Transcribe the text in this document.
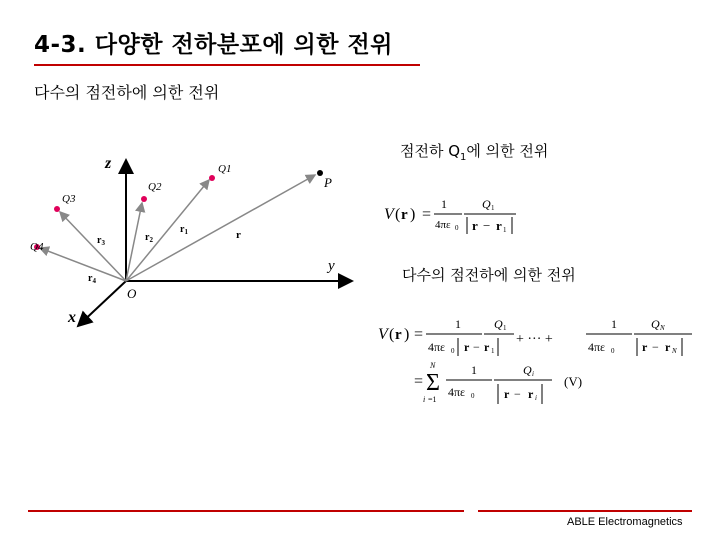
4-3. 다양한 전하분포에 의한 전위
다수의 점전하에 의한 전위
z
y
x
O
P
Q1
Q2
Q3
Q4
$r_3$	$r_2$
$r_1$	r
$r_4$
점전하 $Q_1$에 의한 전위
V ( r ) =
1
4πε 0
Q 1
r − r 1
다수의 점전하에 의한 전위
V ( r ) =
1
4πε 0 r − r 1
Q 1
+ ··· +
1
4πε 0
Q N
r − r N
=
N
Σ
i =1
1
4πε 0
Q i
r − r i
(V)
ABLE Electromagnetics
